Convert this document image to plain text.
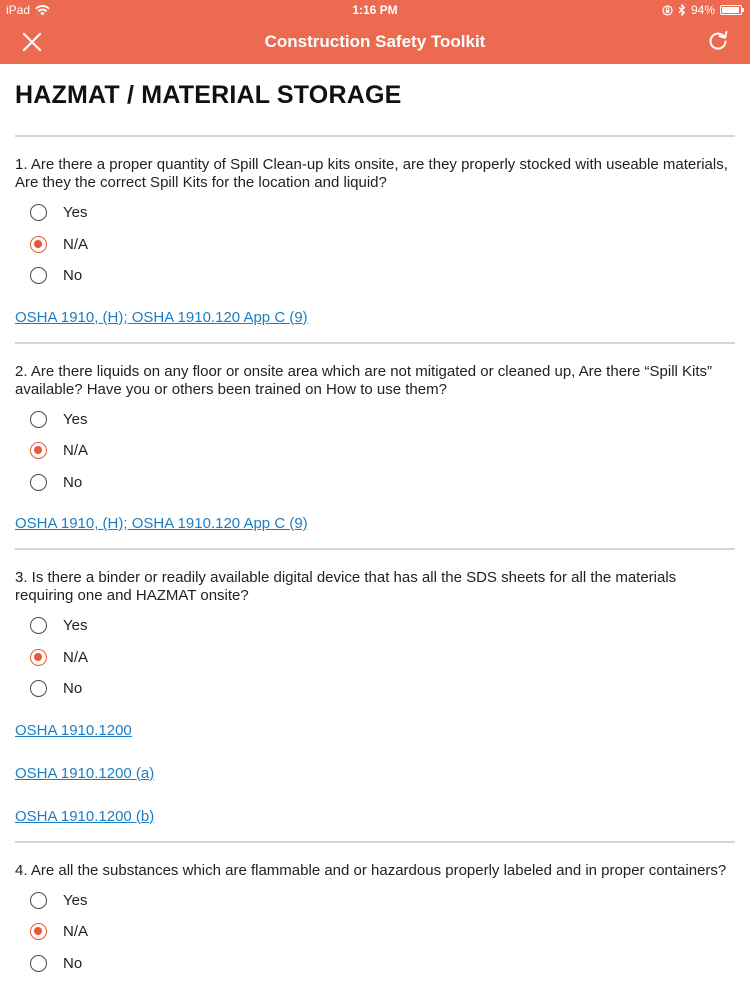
iPad	1:16 PM	94%
Construction Safety Toolkit
HAZMAT / MATERIAL STORAGE

1. Are there a proper quantity of Spill Clean-up kits onsite, are they properly stocked with useable materials, Are they the correct Spill Kits for the location and liquid?

Yes
N/A
No
OSHA 1910, (H); OSHA 1910.120 App C (9)

2. Are there liquids on any floor or onsite area which are not mitigated or cleaned up, Are there “Spill Kits” available? Have you or others been trained on How to use them?

Yes
N/A
No
OSHA 1910, (H); OSHA 1910.120 App C (9)

3. Is there a binder or readily available digital device that has all the SDS sheets for all the materials requiring one and HAZMAT onsite?

Yes
N/A
No
OSHA 1910.1200
OSHA 1910.1200 (a)
OSHA 1910.1200 (b)

4. Are all the substances which are flammable and or hazardous properly labeled and in proper containers?

Yes
N/A
No
